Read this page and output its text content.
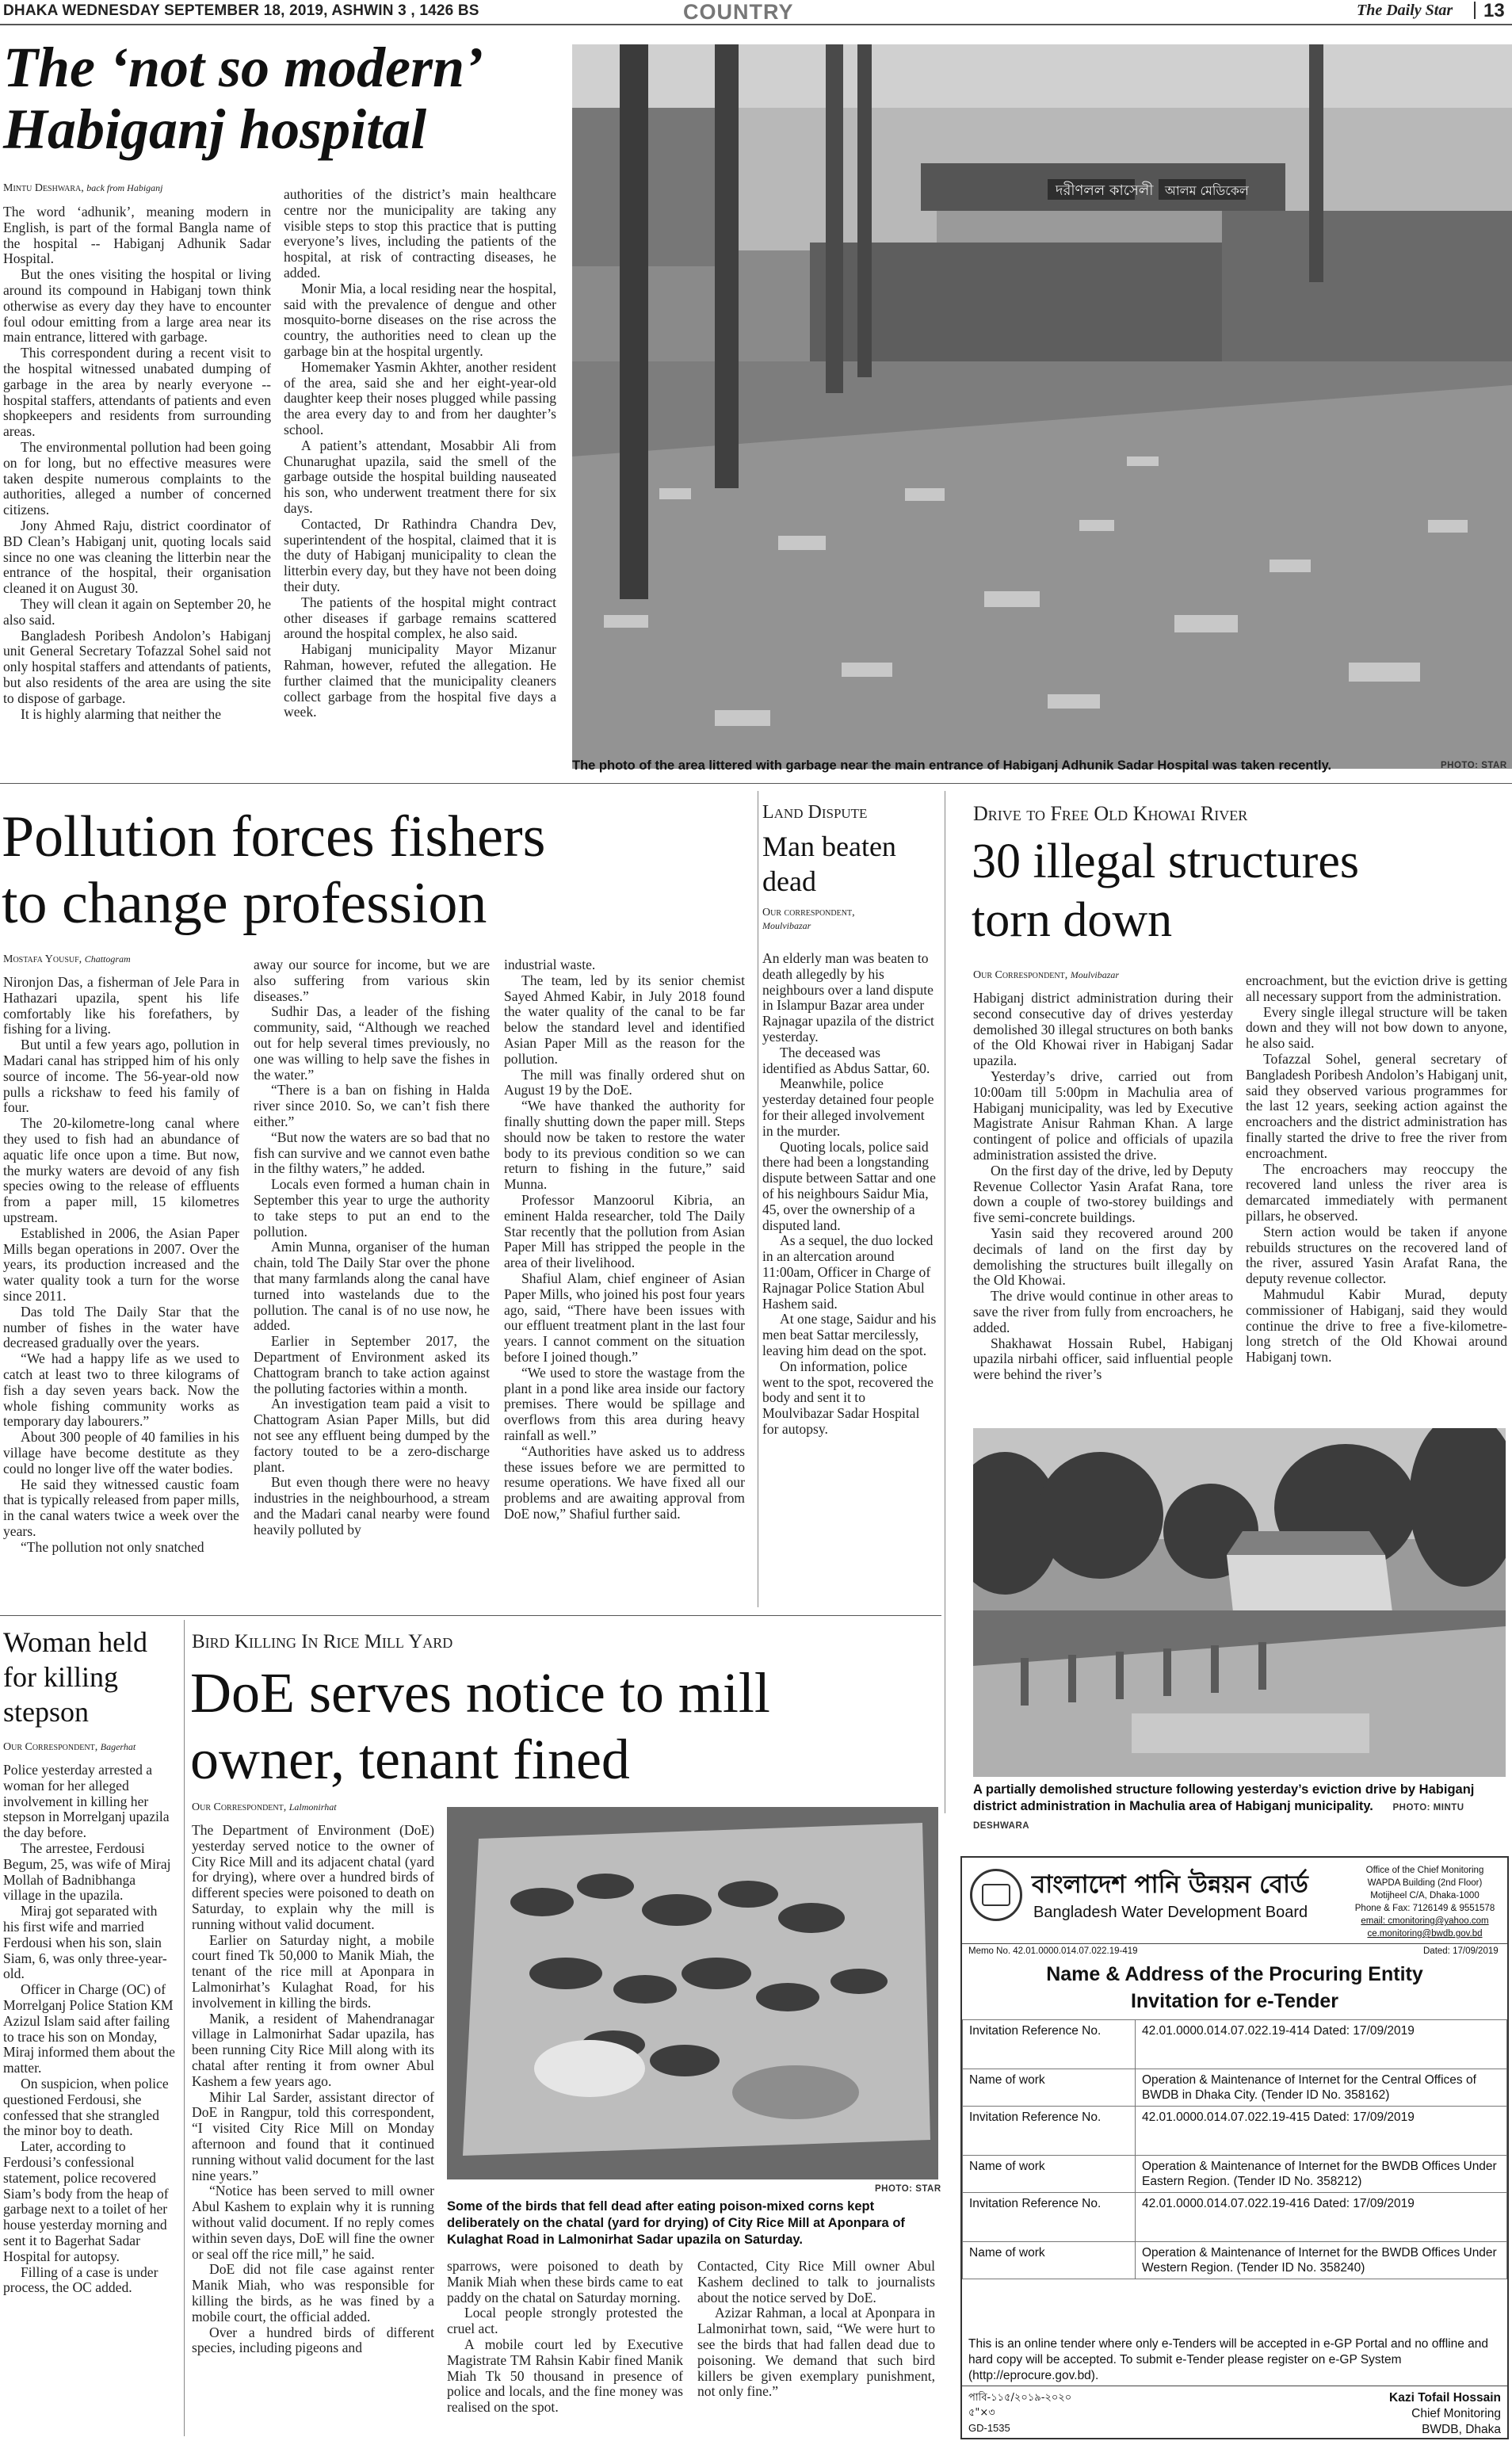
DHAKA WEDNESDAY SEPTEMBER 18, 2019, ASHWIN 3 , 1426 BS	COUNTRY	The Daily Star 13
The ‘not so modern’
Habiganj hospital
Mintu Deshwara, back from Habiganj

The word ‘adhunik’, meaning modern in English, is part of the formal Bangla name of the hospital -- Habiganj Adhunik Sadar Hospital.

But the ones visiting the hospital or living around its compound in Habiganj town think otherwise as every day they have to encounter foul odour emitting from a large area near its main entrance, littered with garbage.

This correspondent during a recent visit to the hospital witnessed unabated dumping of garbage in the area by nearly everyone -- hospital staffers, attendants of patients and even shopkeepers and residents from surrounding areas.

The environmental pollution had been going on for long, but no effective measures were taken despite numerous complaints to the authorities, alleged a number of concerned citizens.

Jony Ahmed Raju, district coordinator of BD Clean’s Habiganj unit, quoting locals said since no one was cleaning the litterbin near the entrance of the hospital, their organisation cleaned it on August 30.

They will clean it again on September 20, he also said.

Bangladesh Poribesh Andolon’s Habiganj unit General Secretary Tofazzal Sohel said not only hospital staffers and attendants of patients, but also residents of the area are using the site to dispose of garbage.

It is highly alarming that neither the

authorities of the district’s main healthcare centre nor the municipality are taking any visible steps to stop this practice that is putting everyone’s lives, including the patients of the hospital, at risk of contracting diseases, he added.

Monir Mia, a local residing near the hospital, said with the prevalence of dengue and other mosquito-borne diseases on the rise across the country, the authorities need to clean up the garbage bin at the hospital urgently.

Homemaker Yasmin Akhter, another resident of the area, said she and her eight-year-old daughter keep their noses plugged while passing the area every day to and from her daughter’s school.

A patient’s attendant, Mosabbir Ali from Chunarughat upazila, said the smell of the garbage outside the hospital building nauseated his son, who underwent treatment there for six days.

Contacted, Dr Rathindra Chandra Dev, superintendent of the hospital, claimed that it is the duty of Habiganj municipality to clean the litterbin every day, but they have not been doing their duty.

The patients of the hospital might contract other diseases if garbage remains scattered around the hospital complex, he also said.

Habiganj municipality Mayor Mizanur Rahman, however, refuted the allegation. He further claimed that the municipality cleaners collect garbage from the hospital five days a week.

দরীণলল কাসেলী আলম মেডিকেল
The photo of the area littered with garbage near the main entrance of Habiganj Adhunik Sadar Hospital was taken recently.	PHOTO: STAR
Pollution forces fishers
to change profession
Mostafa Yousuf, Chattogram

Nironjon Das, a fisherman of Jele Para in Hathazari upazila, spent his life comfortably like his forefathers, by fishing for a living.

But until a few years ago, pollution in Madari canal has stripped him of his only source of income. The 56-year-old now pulls a rickshaw to feed his family of four.

The 20-kilometre-long canal where they used to fish had an abundance of aquatic life once upon a time. But now, the murky waters are devoid of any fish species owing to the release of effluents from a paper mill, 15 kilometres upstream.

Established in 2006, the Asian Paper Mills began operations in 2007. Over the years, its production increased and the water quality took a turn for the worse since 2011.

Das told The Daily Star that the number of fishes in the water have decreased gradually over the years.

“We had a happy life as we used to catch at least two to three kilograms of fish a day seven years back. Now the whole fishing community works as temporary day labourers.”

About 300 people of 40 families in his village have become destitute as they could no longer live off the water bodies.

He said they witnessed caustic foam that is typically released from paper mills, in the canal waters twice a week over the years.

“The pollution not only snatched

away our source for income, but we are also suffering from various skin diseases.”

Sudhir Das, a leader of the fishing community, said, “Although we reached out for help several times previously, no one was willing to help save the fishes in the water.”

“There is a ban on fishing in Halda river since 2010. So, we can’t fish there either.”

“But now the waters are so bad that no fish can survive and we cannot even bathe in the filthy waters,” he added.

Locals even formed a human chain in September this year to urge the authority to take steps to put an end to the pollution.

Amin Munna, organiser of the human chain, told The Daily Star over the phone that many farmlands along the canal have turned into wastelands due to the pollution. The canal is of no use now, he added.

Earlier in September 2017, the Department of Environment asked its Chattogram branch to take action against the polluting factories within a month.

An investigation team paid a visit to Chattogram Asian Paper Mills, but did not see any effluent being dumped by the factory touted to be a zero-discharge plant.

But even though there were no heavy industries in the neighbourhood, a stream and the Madari canal nearby were found heavily polluted by

industrial waste.

The team, led by its senior chemist Sayed Ahmed Kabir, in July 2018 found the water quality of the canal to be far below the standard level and identified Asian Paper Mill as the reason for the pollution.

The mill was finally ordered shut on August 19 by the DoE.

“We have thanked the authority for finally shutting down the paper mill. Steps should now be taken to restore the water body to its previous condition so we can return to fishing in the future,” said Munna.

Professor Manzoorul Kibria, an eminent Halda researcher, told The Daily Star recently that the pollution from Asian Paper Mill has stripped the people in the area of their livelihood.

Shafiul Alam, chief engineer of Asian Paper Mills, who joined his post four years ago, said, “There have been issues with our effluent treatment plant in the last four years. I cannot comment on the situation before I joined though.”

“We used to store the wastage from the plant in a pond like area inside our factory premises. There would be spillage and overflows from this area during heavy rainfall as well.”

“Authorities have asked us to address these issues before we are permitted to resume operations. We have fixed all our problems and are awaiting approval from DoE now,” Shafiul further said.

Land Dispute
Man beaten
dead
Our correspondent,
Moulvibazar

An elderly man was beaten to death allegedly by his neighbours over a land dispute in Islampur Bazar area under Rajnagar upazila of the district yesterday.

The deceased was identified as Abdus Sattar, 60.

Meanwhile, police yesterday detained four people for their alleged involvement in the murder.

Quoting locals, police said there had been a longstanding dispute between Sattar and one of his neighbours Saidur Mia, 45, over the ownership of a disputed land.

As a sequel, the duo locked in an altercation around 11:00am, Officer in Charge of Rajnagar Police Station Abul Hashem said.

At one stage, Saidur and his men beat Sattar mercilessly, leaving him dead on the spot.

On information, police went to the spot, recovered the body and sent it to Moulvibazar Sadar Hospital for autopsy.

Drive to Free Old Khowai River
30 illegal structures
torn down
Our Correspondent, Moulvibazar

Habiganj district administration during their second consecutive day of drives yesterday demolished 30 illegal structures on both banks of the Old Khowai river in Habiganj Sadar upazila.

Yesterday’s drive, carried out from 10:00am till 5:00pm in Machulia area of Habiganj municipality, was led by Executive Magistrate Anisur Rahman Khan. A large contingent of police and officials of upazila administration assisted the drive.

On the first day of the drive, led by Deputy Revenue Collector Yasin Arafat Rana, tore down a couple of two-storey buildings and five semi-concrete buildings.

Yasin said they recovered around 200 decimals of land on the first day by demolishing the structures built illegally on the Old Khowai.

The drive would continue in other areas to save the river from fully from encroachers, he added.

Shakhawat Hossain Rubel, Habiganj upazila nirbahi officer, said influential people were behind the river’s

encroachment, but the eviction drive is getting all necessary support from the administration.

Every single illegal structure will be taken down and they will not bow down to anyone, he also said.

Tofazzal Sohel, general secretary of Bangladesh Poribesh Andolon’s Habiganj unit, said they observed various programmes for the last 12 years, seeking action against the encroachers and the district administration has finally started the drive to free the river from encroachment.

The encroachers may reoccupy the recovered land unless the river area is demarcated immediately with permanent pillars, he observed.

Stern action would be taken if anyone rebuilds structures on the recovered land of the river, assured Yasin Arafat Rana, the deputy revenue collector.

Mahmudul Kabir Murad, deputy commissioner of Habiganj, said they would continue the drive to free a five-kilometre-long stretch of the Old Khowai around Habiganj town.

A partially demolished structure following yesterday’s eviction drive by Habiganj district administration in Machulia area of Habiganj municipality. PHOTO: MINTU DESHWARA
Woman held
for killing
stepson
Our Correspondent, Bagerhat

Police yesterday arrested a woman for her alleged involvement in killing her stepson in Morrelganj upazila the day before.

The arrestee, Ferdousi Begum, 25, was wife of Miraj Mollah of Badnibhanga village in the upazila.

Miraj got separated with his first wife and married Ferdousi when his son, slain Siam, 6, was only three-year-old.

Officer in Charge (OC) of Morrelganj Police Station KM Azizul Islam said after failing to trace his son on Monday, Miraj informed them about the matter.

On suspicion, when police questioned Ferdousi, she confessed that she strangled the minor boy to death.

Later, according to Ferdousi’s confessional statement, police recovered Siam’s body from the heap of garbage next to a toilet of her house yesterday morning and sent it to Bagerhat Sadar Hospital for autopsy.

Filling of a case is under process, the OC added.

Bird Killing In Rice Mill Yard
DoE serves notice to mill
owner, tenant fined
Our Correspondent, Lalmonirhat

The Department of Environment (DoE) yesterday served notice to the owner of City Rice Mill and its adjacent chatal (yard for drying), where over a hundred birds of different species were poisoned to death on Saturday, to explain why the mill is running without valid document.

Earlier on Saturday night, a mobile court fined Tk 50,000 to Manik Miah, the tenant of the rice mill at Aponpara in Lalmonirhat’s Kulaghat Road, for his involvement in killing the birds.

Manik, a resident of Mahendranagar village in Lalmonirhat Sadar upazila, has been running City Rice Mill along with its chatal after renting it from owner Abul Kashem a few years ago.

Mihir Lal Sarder, assistant director of DoE in Rangpur, told this correspondent, “I visited City Rice Mill on Monday afternoon and found that it continued running without valid document for the last nine years.”

“Notice has been served to mill owner Abul Kashem to explain why it is running without valid document. If no reply comes within seven days, DoE will fine the owner or seal off the rice mill,” he said.

DoE did not file case against renter Manik Miah, who was responsible for killing the birds, as he was fined by a mobile court, the official added.

Over a hundred birds of different species, including pigeons and

PHOTO: STAR
Some of the birds that fell dead after eating poison-mixed corns kept deliberately on the chatal (yard for drying) of City Rice Mill at Aponpara of Kulaghat Road in Lalmonirhat Sadar upazila on Saturday.

sparrows, were poisoned to death by Manik Miah when these birds came to eat paddy on the chatal on Saturday morning.

Local people strongly protested the cruel act.

A mobile court led by Executive Magistrate TM Rahsin Kabir fined Manik Miah Tk 50 thousand in presence of police and locals, and the fine money was realised on the spot.

Contacted, City Rice Mill owner Abul Kashem declined to talk to journalists about the notice served by DoE.

Azizar Rahman, a local at Aponpara in Lalmonirhat town, said, “We were hurt to see the birds that had fallen dead due to poisoning. We demand that such bird killers be given exemplary punishment, not only fine.”

বাংলাদেশ পানি উন্নয়ন বোর্ড
Bangladesh Water Development Board
Office of the Chief Monitoring
WAPDA Building (2nd Floor)
Motijheel C/A, Dhaka-1000
Phone & Fax: 7126149 & 9551578
email: cmonitoring@yahoo.com
ce.monitoring@bwdb.gov.bd
Memo No. 42.01.0000.014.07.022.19-419	Dated: 17/09/2019
Name & Address of the Procuring Entity
Invitation for e-Tender
Invitation Reference No.	42.01.0000.014.07.022.19-414 Dated: 17/09/2019
Name of work	Operation & Maintenance of Internet for the Central Offices of BWDB in Dhaka City. (Tender ID No. 358162)
Invitation Reference No.	42.01.0000.014.07.022.19-415 Dated: 17/09/2019
Name of work	Operation & Maintenance of Internet for the BWDB Offices Under Eastern Region. (Tender ID No. 358212)
Invitation Reference No.	42.01.0000.014.07.022.19-416 Dated: 17/09/2019
Name of work	Operation & Maintenance of Internet for the BWDB Offices Under Western Region. (Tender ID No. 358240)
This is an online tender where only e-Tenders will be accepted in e-GP Portal and no offline and hard copy will be accepted. To submit e-Tender please register on e-GP System (http://eprocure.gov.bd).
পাবি-১১৫/২০১৯-২০২০
৫"×৩
GD-1535
Kazi Tofail Hossain
Chief Monitoring
BWDB, Dhaka
